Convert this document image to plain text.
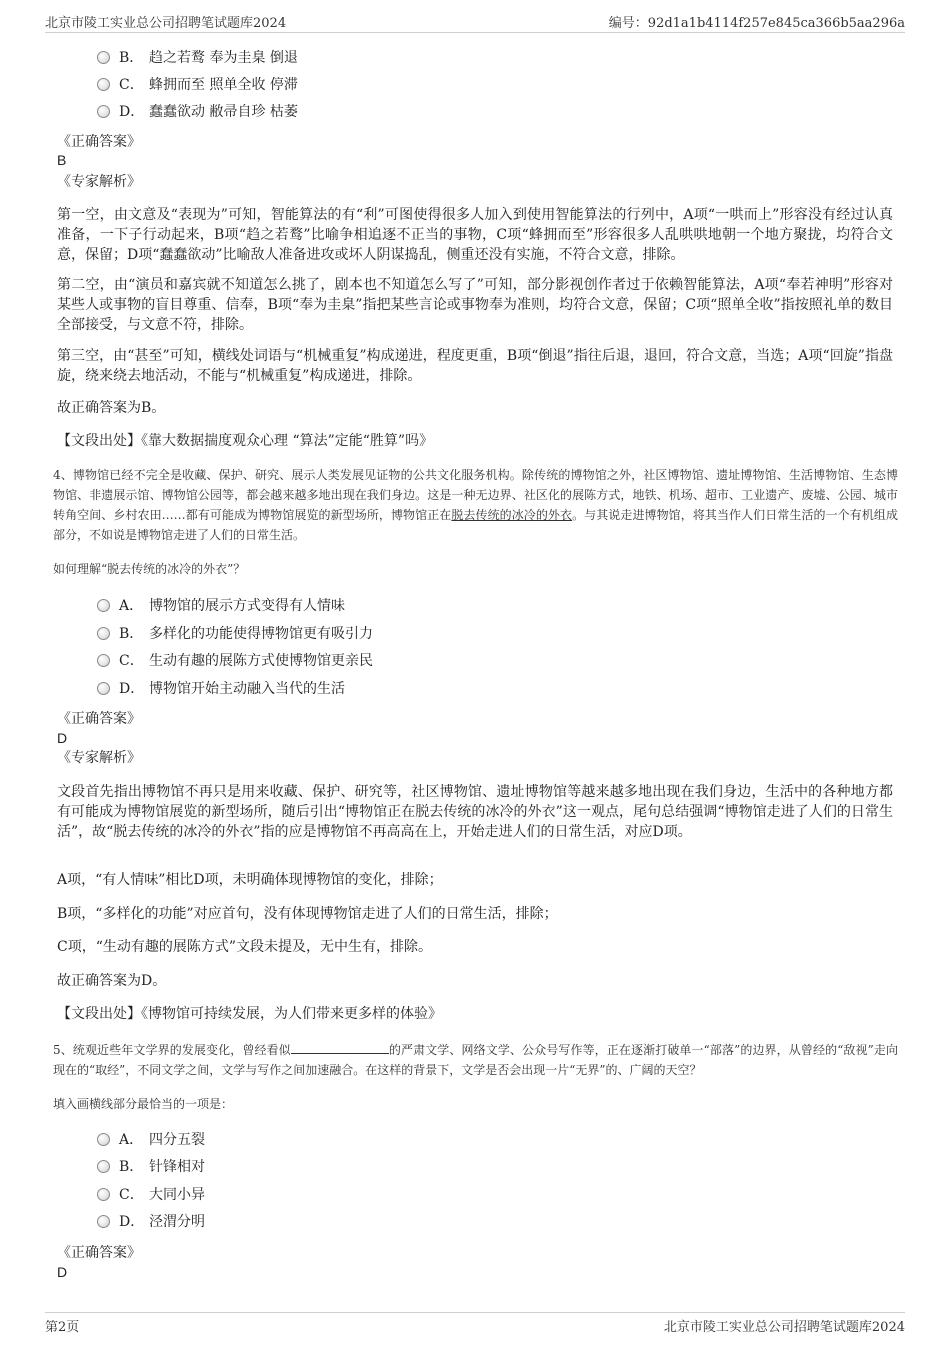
北京市陵工实业总公司招聘笔试题库2024	编号：92d1a1b4114f257e845ca366b5aa296a
B． 趋之若鹜 奉为圭臬 倒退
C． 蜂拥而至 照单全收 停滞
D． 蠢蠢欲动 敝帚自珍 枯萎
《正确答案》
B
《专家解析》

第一空，由文意及“表现为”可知，智能算法的有“利”可图使得很多人加入到使用智能算法的行列中，A项“一哄而上”形容没有经过认真准备，一下子行动起来，B项“趋之若鹜”比喻争相追逐不正当的事物，C项“蜂拥而至”形容很多人乱哄哄地朝一个地方聚拢，均符合文意，保留；D项“蠢蠢欲动”比喻敌人准备进攻或坏人阴谋捣乱，侧重还没有实施，不符合文意，排除。

第二空，由“演员和嘉宾就不知道怎么挑了，剧本也不知道怎么写了”可知，部分影视创作者过于依赖智能算法，A项“奉若神明”形容对某些人或事物的盲目尊重、信奉，B项“奉为圭臬”指把某些言论或事物奉为准则，均符合文意，保留；C项“照单全收”指按照礼单的数目全部接受，与文意不符，排除。

第三空，由“甚至”可知，横线处词语与“机械重复”构成递进，程度更重，B项“倒退”指往后退，退回，符合文意，当选；A项“回旋”指盘旋，绕来绕去地活动，不能与“机械重复”构成递进，排除。

故正确答案为B。

【文段出处】《靠大数据揣度观众心理 “算法”定能“胜算”吗》

4、博物馆已经不完全是收藏、保护、研究、展示人类发展见证物的公共文化服务机构。除传统的博物馆之外，社区博物馆、遗址博物馆、生活博物馆、生态博物馆、非遗展示馆、博物馆公园等，都会越来越多地出现在我们身边。这是一种无边界、社区化的展陈方式，地铁、机场、超市、工业遗产、废墟、公园、城市转角空间、乡村农田……都有可能成为博物馆展览的新型场所，博物馆正在脱去传统的冰冷的外衣。与其说走进博物馆，将其当作人们日常生活的一个有机组成部分，不如说是博物馆走进了人们的日常生活。

如何理解“脱去传统的冰冷的外衣”？

A． 博物馆的展示方式变得有人情味
B． 多样化的功能使得博物馆更有吸引力
C． 生动有趣的展陈方式使博物馆更亲民
D． 博物馆开始主动融入当代的生活
《正确答案》
D
《专家解析》

文段首先指出博物馆不再只是用来收藏、保护、研究等，社区博物馆、遗址博物馆等越来越多地出现在我们身边，生活中的各种地方都有可能成为博物馆展览的新型场所，随后引出“博物馆正在脱去传统的冰冷的外衣”这一观点，尾句总结强调“博物馆走进了人们的日常生活”，故“脱去传统的冰冷的外衣”指的应是博物馆不再高高在上，开始走进人们的日常生活，对应D项。

A项，“有人情味”相比D项，未明确体现博物馆的变化，排除；

B项，“多样化的功能”对应首句，没有体现博物馆走进了人们的日常生活，排除；

C项，“生动有趣的展陈方式”文段未提及，无中生有，排除。

故正确答案为D。

【文段出处】《博物馆可持续发展，为人们带来更多样的体验》

5、统观近些年文学界的发展变化，曾经看似	的严肃文学、网络文学、公众号写作等，正在逐渐打破单一“部落”的边界，从曾经的“敌视”走向现在的“取经”，不同文学之间，文学与写作之间加速融合。在这样的背景下，文学是否会出现一片“无界”的、广阔的天空？

填入画横线部分最恰当的一项是：

A． 四分五裂
B． 针锋相对
C． 大同小异
D． 泾渭分明
《正确答案》
D
第2页	北京市陵工实业总公司招聘笔试题库2024
